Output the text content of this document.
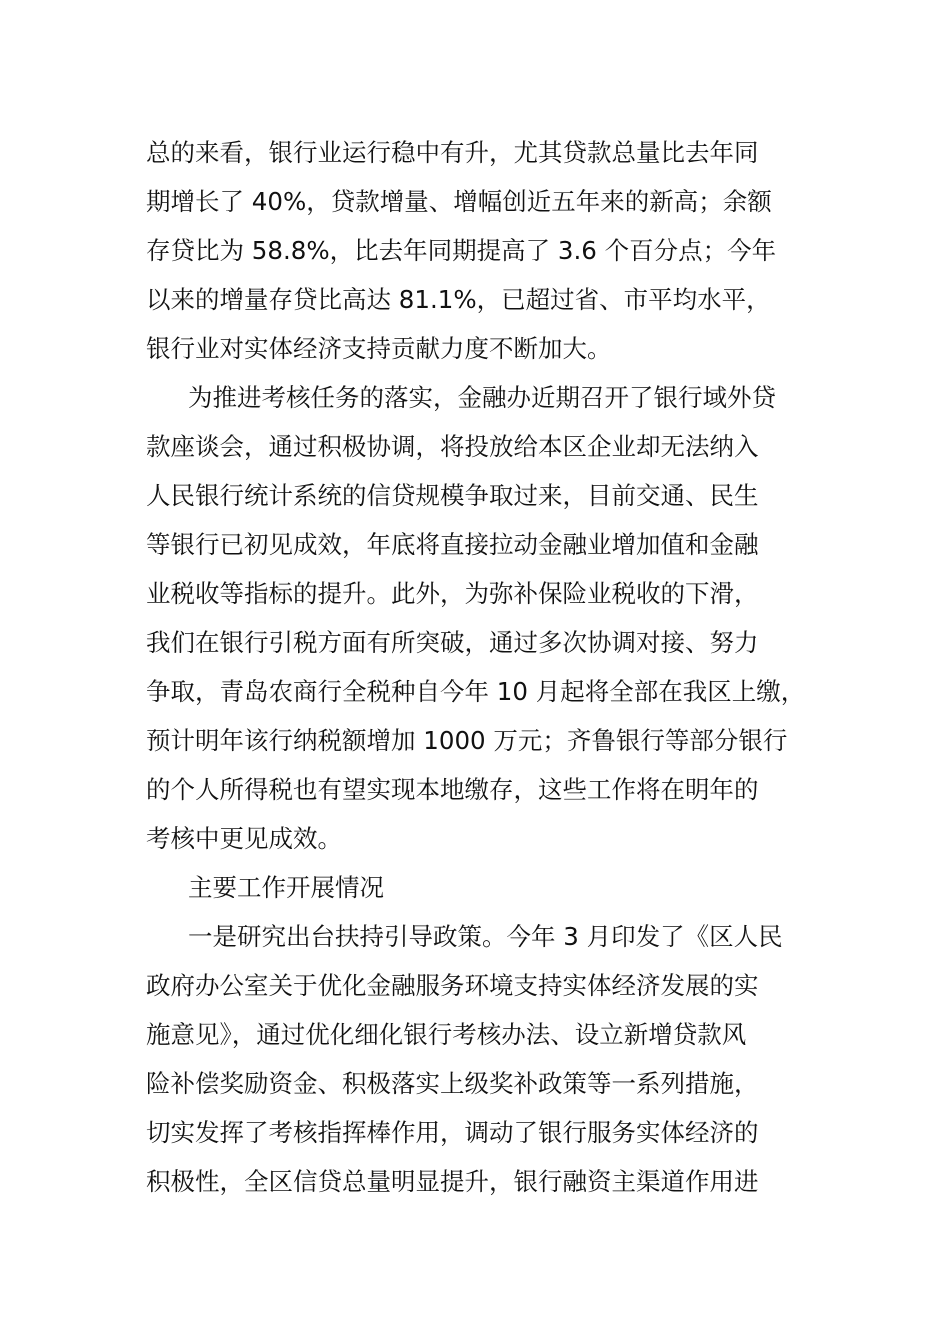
总的来看，银行业运行稳中有升，尤其贷款总量比去年同
期增长了 40%，贷款增量、增幅创近五年来的新高；余额
存贷比为 58.8%，比去年同期提高了 3.6 个百分点；今年
以来的增量存贷比高达 81.1%，已超过省、市平均水平，
银行业对实体经济支持贡献力度不断加大。
为推进考核任务的落实，金融办近期召开了银行域外贷
款座谈会，通过积极协调，将投放给本区企业却无法纳入
人民银行统计系统的信贷规模争取过来，目前交通、民生
等银行已初见成效，年底将直接拉动金融业增加值和金融
业税收等指标的提升。此外，为弥补保险业税收的下滑，
我们在银行引税方面有所突破，通过多次协调对接、努力
争取，青岛农商行全税种自今年 10 月起将全部在我区上缴，
预计明年该行纳税额增加 1000 万元；齐鲁银行等部分银行
的个人所得税也有望实现本地缴存，这些工作将在明年的
考核中更见成效。
主要工作开展情况
一是研究出台扶持引导政策。今年 3 月印发了《区人民
政府办公室关于优化金融服务环境支持实体经济发展的实
施意见》，通过优化细化银行考核办法、设立新增贷款风
险补偿奖励资金、积极落实上级奖补政策等一系列措施，
切实发挥了考核指挥棒作用，调动了银行服务实体经济的
积极性，全区信贷总量明显提升，银行融资主渠道作用进
